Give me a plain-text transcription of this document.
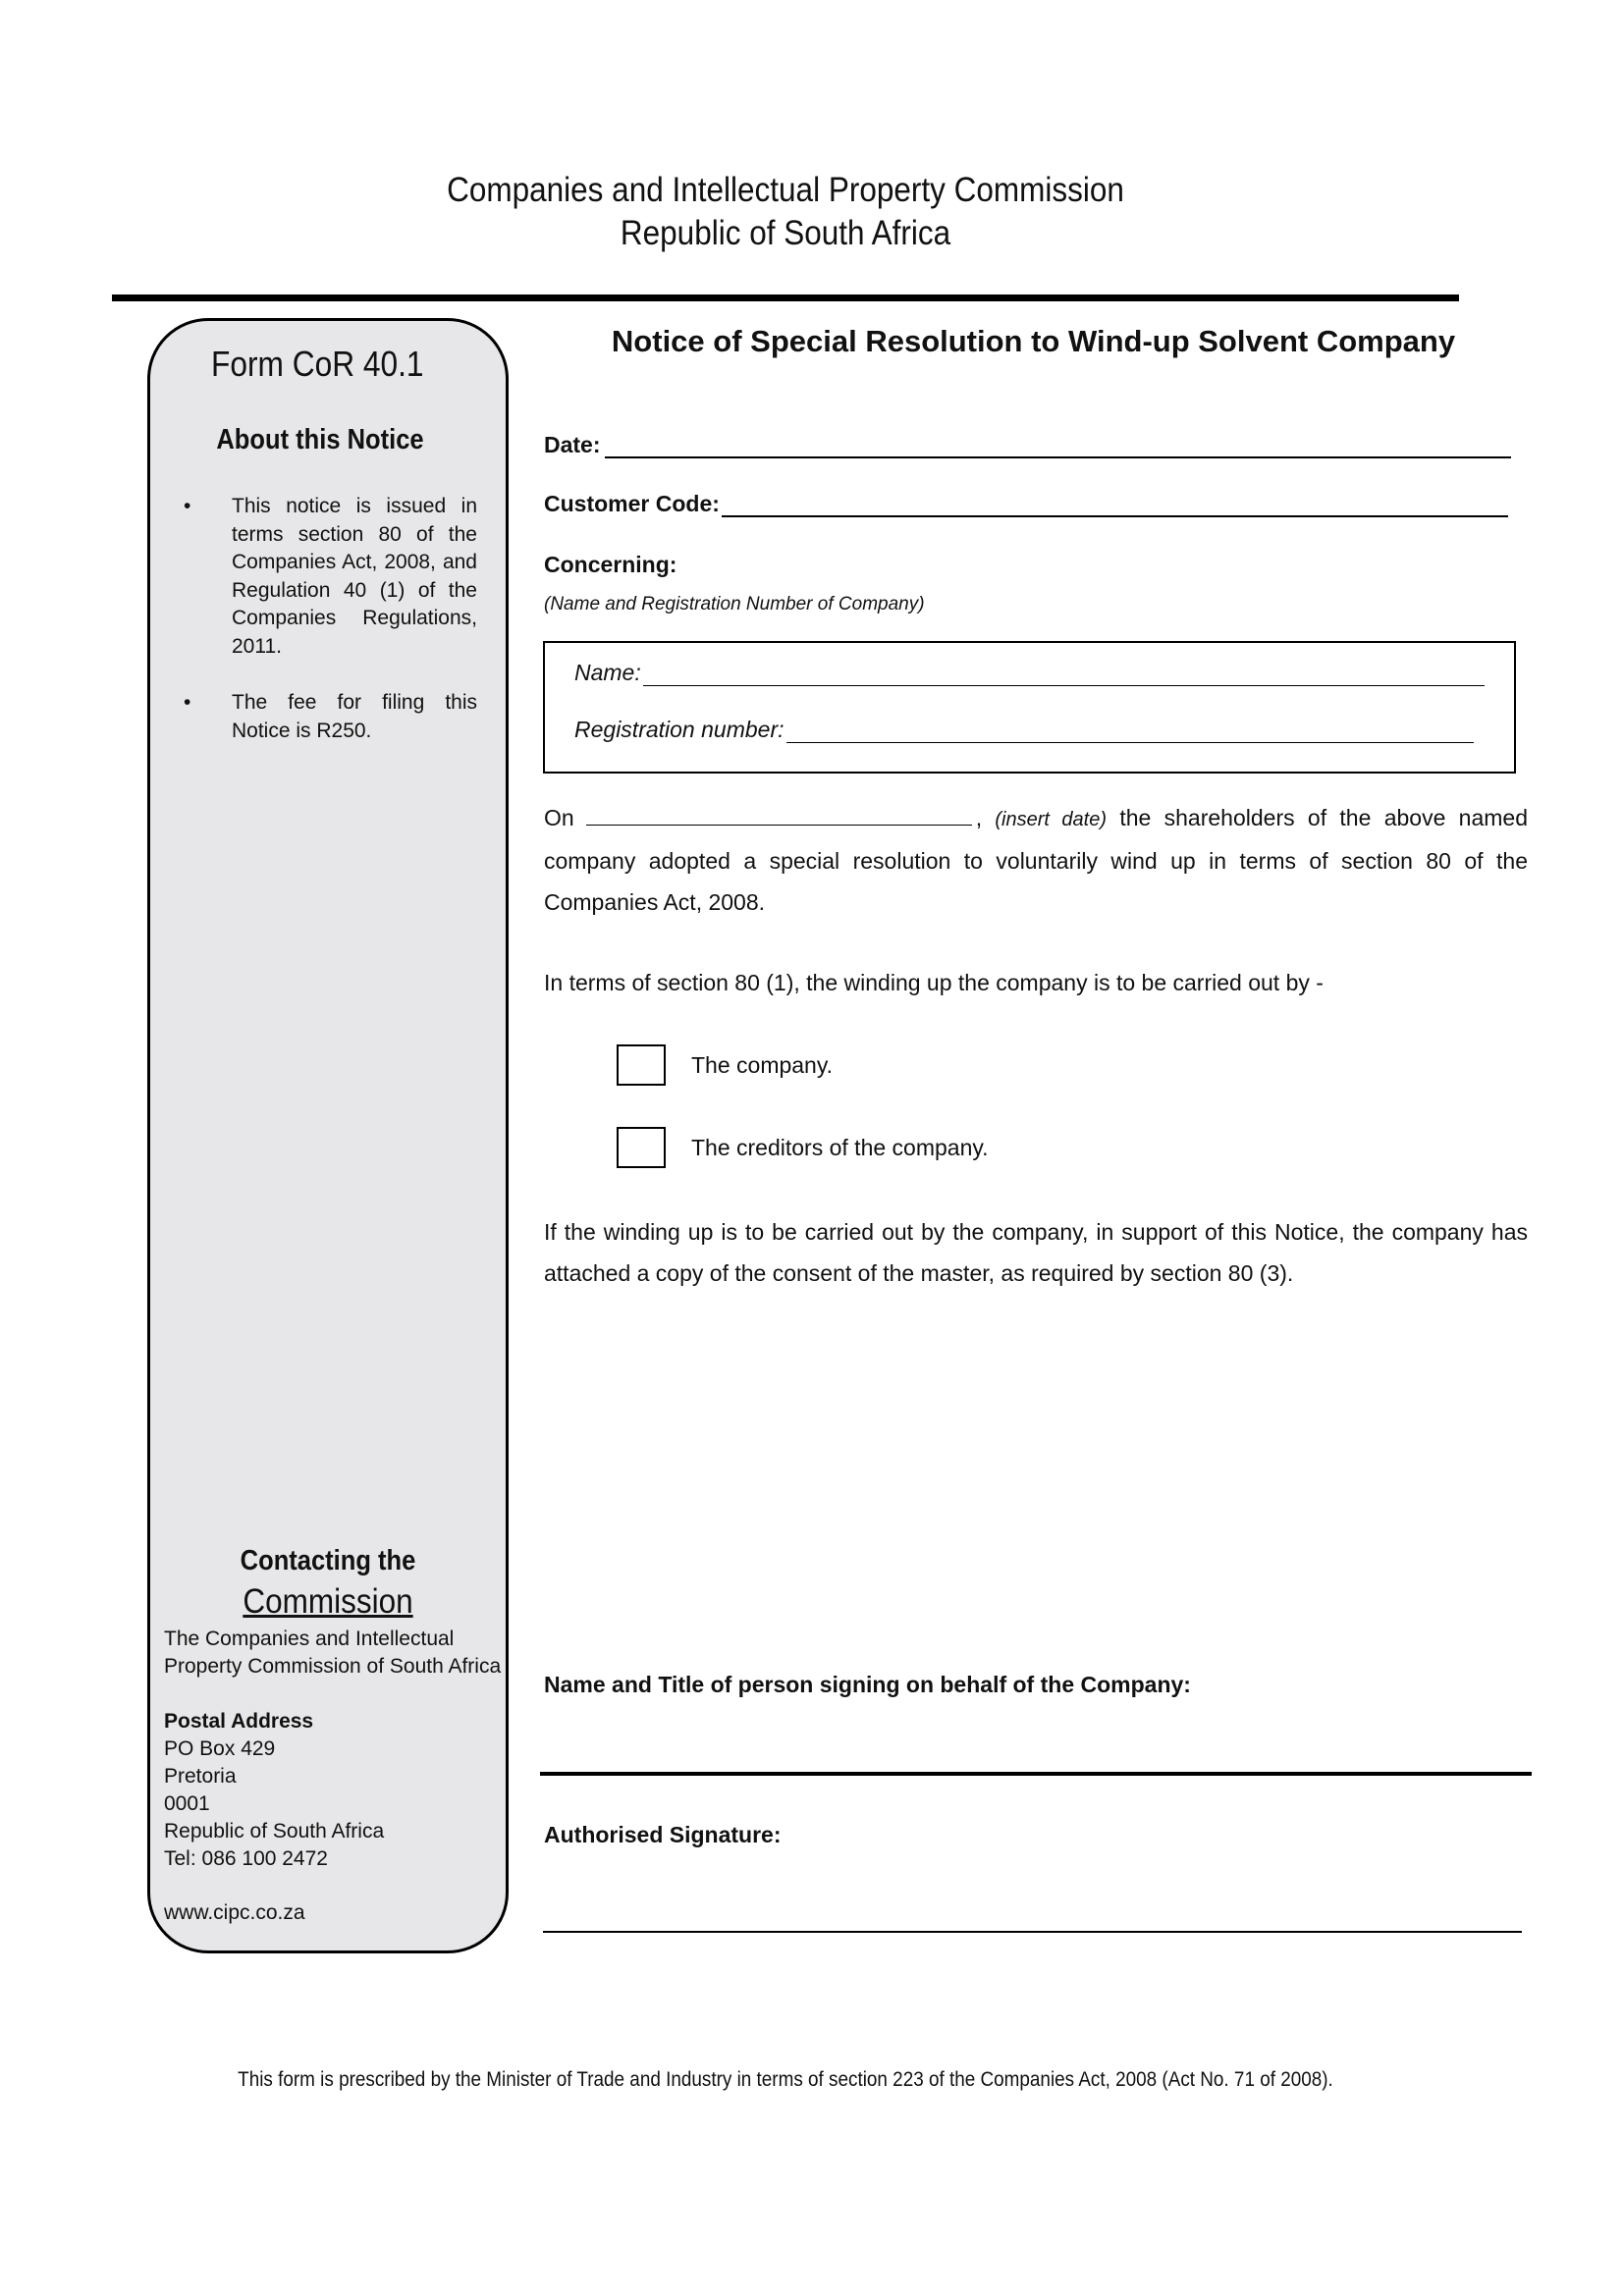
Companies and Intellectual Property Commission
Republic of South Africa
Form CoR 40.1
About this Notice
• This notice is issued in terms section 80 of the Companies Act, 2008, and Regulation 40 (1) of the Companies Regulations, 2011.
• The fee for filing this Notice is R250.
Contacting the
Commission
The Companies and Intellectual
Property Commission of South Africa
Postal Address
PO Box 429
Pretoria
0001
Republic of South Africa
Tel: 086 100 2472
www.cipc.co.za
Notice of Special Resolution to Wind-up Solvent Company
Date:
Customer Code:
Concerning:
(Name and Registration Number of Company)
Name:
Registration number:
On	, (insert date) the shareholders of the above named company adopted a special resolution to voluntarily wind up in terms of section 80 of the Companies Act, 2008.
In terms of section 80 (1), the winding up the company is to be carried out by -
The company.
The creditors of the company.
If the winding up is to be carried out by the company, in support of this Notice, the company has attached a copy of the consent of the master, as required by section 80 (3).
Name and Title of person signing on behalf of the Company:
Authorised Signature:
This form is prescribed by the Minister of Trade and Industry in terms of section 223 of the Companies Act, 2008 (Act No. 71 of 2008).
